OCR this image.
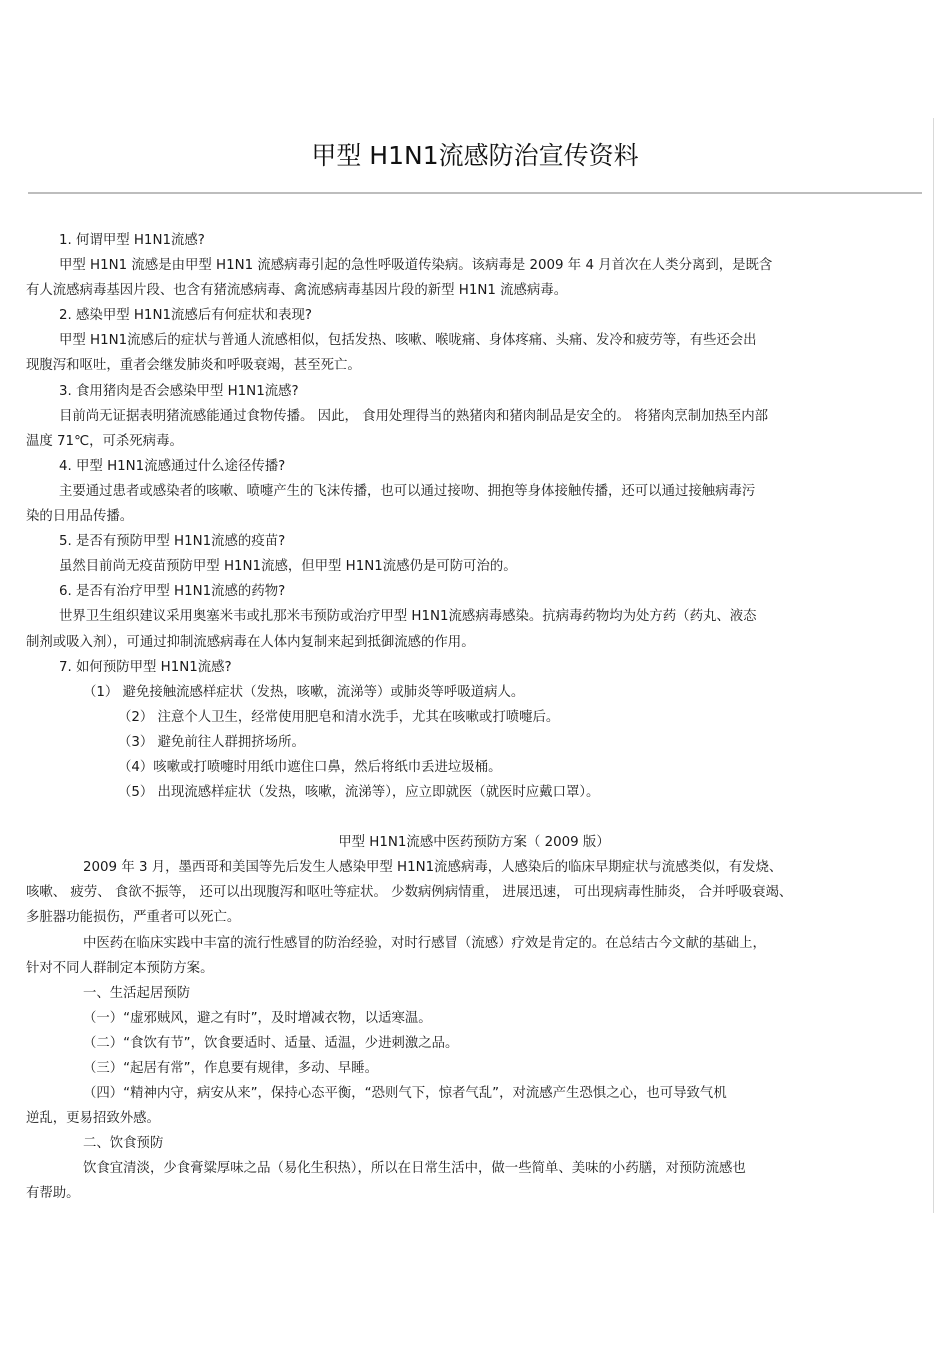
甲型 H1N1流感防治宣传资料
1. 何谓甲型 H1N1流感?
甲型 H1N1 流感是由甲型 H1N1 流感病毒引起的急性呼吸道传染病。该病毒是 2009 年 4 月首次在人类分离到，是既含
有人流感病毒基因片段、也含有猪流感病毒、禽流感病毒基因片段的新型 H1N1 流感病毒。
2. 感染甲型 H1N1流感后有何症状和表现?
甲型 H1N1流感后的症状与普通人流感相似，包括发热、咳嗽、喉咙痛、身体疼痛、头痛、发冷和疲劳等，有些还会出
现腹泻和呕吐，重者会继发肺炎和呼吸衰竭，甚至死亡。
3. 食用猪肉是否会感染甲型 H1N1流感?
目前尚无证据表明猪流感能通过食物传播。 因此， 食用处理得当的熟猪肉和猪肉制品是安全的。 将猪肉烹制加热至内部
温度 71℃，可杀死病毒。
4. 甲型 H1N1流感通过什么途径传播?
主要通过患者或感染者的咳嗽、喷嚏产生的飞沫传播，也可以通过接吻、拥抱等身体接触传播，还可以通过接触病毒污
染的日用品传播。
5. 是否有预防甲型 H1N1流感的疫苗?
虽然目前尚无疫苗预防甲型 H1N1流感，但甲型 H1N1流感仍是可防可治的。
6. 是否有治疗甲型 H1N1流感的药物?
世界卫生组织建议采用奥塞米韦或扎那米韦预防或治疗甲型 H1N1流感病毒感染。抗病毒药物均为处方药（药丸、液态
制剂或吸入剂），可通过抑制流感病毒在人体内复制来起到抵御流感的作用。
7. 如何预防甲型 H1N1流感?
（1） 避免接触流感样症状（发热，咳嗽，流涕等）或肺炎等呼吸道病人。
（2） 注意个人卫生，经常使用肥皂和清水洗手，尤其在咳嗽或打喷嚏后。
（3） 避免前往人群拥挤场所。
（4）咳嗽或打喷嚏时用纸巾遮住口鼻，然后将纸巾丢进垃圾桶。
（5） 出现流感样症状（发热，咳嗽，流涕等），应立即就医（就医时应戴口罩）。
甲型 H1N1流感中医药预防方案（ 2009 版）
2009 年 3 月，墨西哥和美国等先后发生人感染甲型 H1N1流感病毒，人感染后的临床早期症状与流感类似，有发烧、
咳嗽、 疲劳、 食欲不振等， 还可以出现腹泻和呕吐等症状。 少数病例病情重， 进展迅速， 可出现病毒性肺炎， 合并呼吸衰竭、
多脏器功能损伤，严重者可以死亡。
中医药在临床实践中丰富的流行性感冒的防治经验，对时行感冒（流感）疗效是肯定的。在总结古今文献的基础上，
针对不同人群制定本预防方案。
一、生活起居预防
（一）“虚邪贼风，避之有时”，及时增减衣物，以适寒温。
（二）“食饮有节”，饮食要适时、适量、适温，少进刺激之品。
（三）“起居有常”，作息要有规律，多动、早睡。
（四）“精神内守，病安从来”，保持心态平衡，“恐则气下，惊者气乱”，对流感产生恐惧之心，也可导致气机
逆乱，更易招致外感。
二、饮食预防
饮食宜清淡，少食膏粱厚味之品（易化生积热），所以在日常生活中，做一些简单、美味的小药膳，对预防流感也
有帮助。
